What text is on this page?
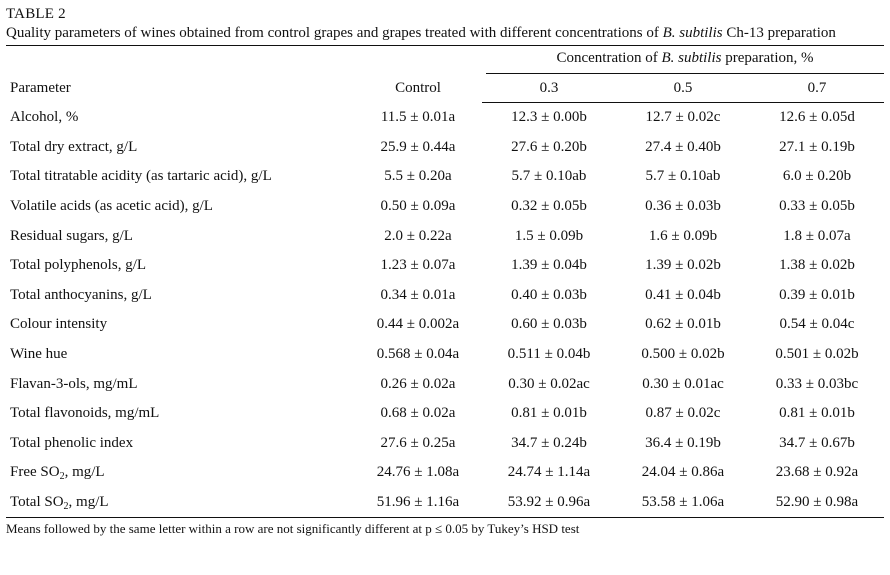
TABLE 2
Quality parameters of wines obtained from control grapes and grapes treated with different concentrations of B. subtilis Ch-13 preparation
Parameter	Control	Concentration of B. subtilis preparation, %		

		0.3	0.5	0.7
Alcohol, %	11.5 ± 0.01a	12.3 ± 0.00b	12.7 ± 0.02c	12.6 ± 0.05d
Total dry extract, g/L	25.9 ± 0.44a	27.6 ± 0.20b	27.4 ± 0.40b	27.1 ± 0.19b
Total titratable acidity (as tartaric acid), g/L	5.5 ± 0.20a	5.7 ± 0.10ab	5.7 ± 0.10ab	6.0 ± 0.20b
Volatile acids (as acetic acid), g/L	0.50 ± 0.09a	0.32 ± 0.05b	0.36 ± 0.03b	0.33 ± 0.05b
Residual sugars, g/L	2.0 ± 0.22a	1.5 ± 0.09b	1.6 ± 0.09b	1.8 ± 0.07a
Total polyphenols, g/L	1.23 ± 0.07a	1.39 ± 0.04b	1.39 ± 0.02b	1.38 ± 0.02b
Total anthocyanins, g/L	0.34 ± 0.01a	0.40 ± 0.03b	0.41 ± 0.04b	0.39 ± 0.01b
Colour intensity	0.44 ± 0.002a	0.60 ± 0.03b	0.62 ± 0.01b	0.54 ± 0.04c
Wine hue	0.568 ± 0.04a	0.511 ± 0.04b	0.500 ± 0.02b	0.501 ± 0.02b
Flavan-3-ols, mg/mL	0.26 ± 0.02a	0.30 ± 0.02ac	0.30 ± 0.01ac	0.33 ± 0.03bc
Total flavonoids, mg/mL	0.68 ± 0.02a	0.81 ± 0.01b	0.87 ± 0.02c	0.81 ± 0.01b
Total phenolic index	27.6 ± 0.25a	34.7 ± 0.24b	36.4 ± 0.19b	34.7 ± 0.67b
Free $SO_2$, mg/L	24.76 ± 1.08a	24.74 ± 1.14a	24.04 ± 0.86a	23.68 ± 0.92a
Total $SO_2$, mg/L	51.96 ± 1.16a	53.92 ± 0.96a	53.58 ± 1.06a	52.90 ± 0.98a
Means followed by the same letter within a row are not significantly different at p ≤ 0.05 by Tukey’s HSD test
